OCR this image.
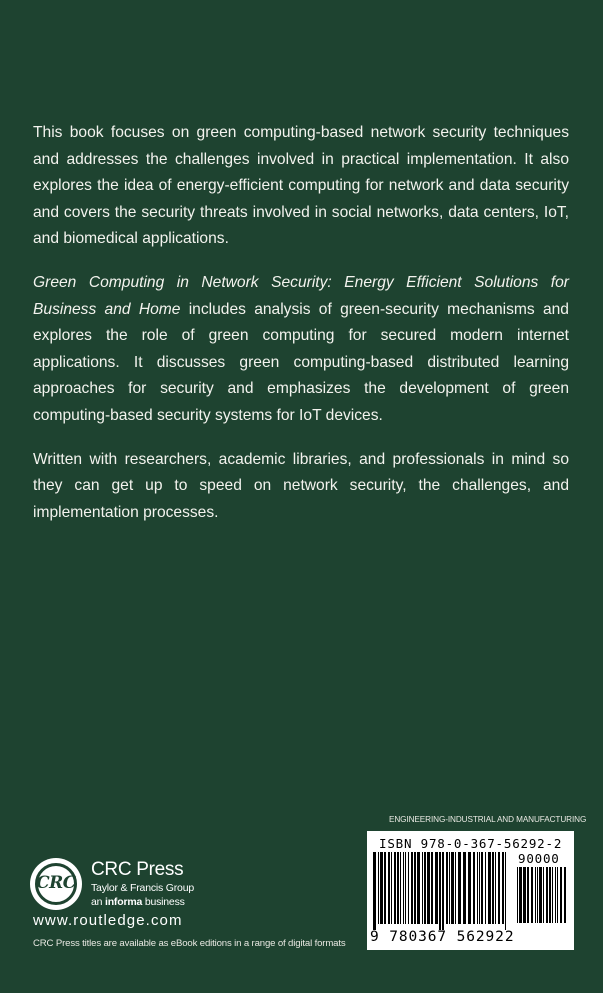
This book focuses on green computing-based network security techniques and addresses the challenges involved in practical implementation. It also explores the idea of energy-efficient computing for network and data security and covers the security threats involved in social networks, data centers, IoT, and biomedical applications.

Green Computing in Network Security: Energy Efficient Solutions for Business and Home includes analysis of green-security mechanisms and explores the role of green computing for secured modern internet applications. It discusses green computing-based distributed learning approaches for security and emphasizes the development of green computing-based security systems for IoT devices.

Written with researchers, academic libraries, and professionals in mind so they can get up to speed on network security, the challenges, and implementation processes.

CRC
CRC Press
Taylor & Francis Group
an informa business
www.routledge.com
CRC Press titles are available as eBook editions in a range of digital formats
ENGINEERING-INDUSTRIAL AND MANUFACTURING
ISBN 978-0-367-56292-2
90000
9 780367 562922
